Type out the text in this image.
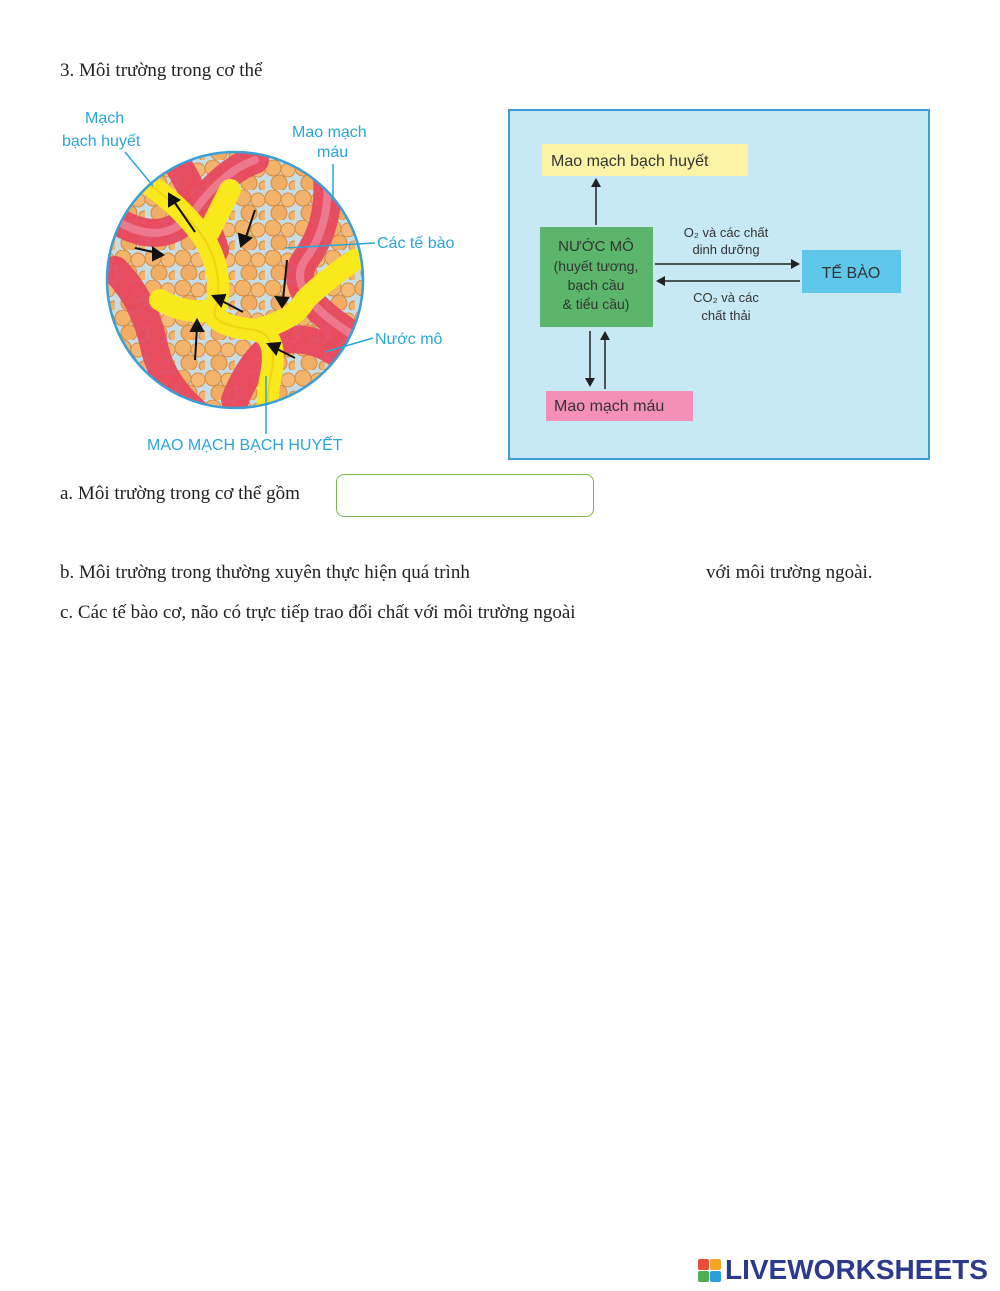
3. Môi trường trong cơ thể
Mạch
bạch huyết
Mao mạch
máu
Các tế bào
Nước mô
MAO MẠCH BẠCH HUYẾT
Mao mạch bạch huyết
NƯỚC MÔ
(huyết tương,
bạch cầu
& tiểu cầu)
O₂ và các chất
dinh dưỡng
CO₂ và các
chất thải
TẾ BÀO
Mao mạch máu
a. Môi trường trong cơ thể gồm
b. Môi trường trong thường xuyên thực hiện quá trình	với môi trường ngoài.
c. Các tế bào cơ, não có trực tiếp trao đổi chất với môi trường ngoài
LIVEWORKSHEETS
